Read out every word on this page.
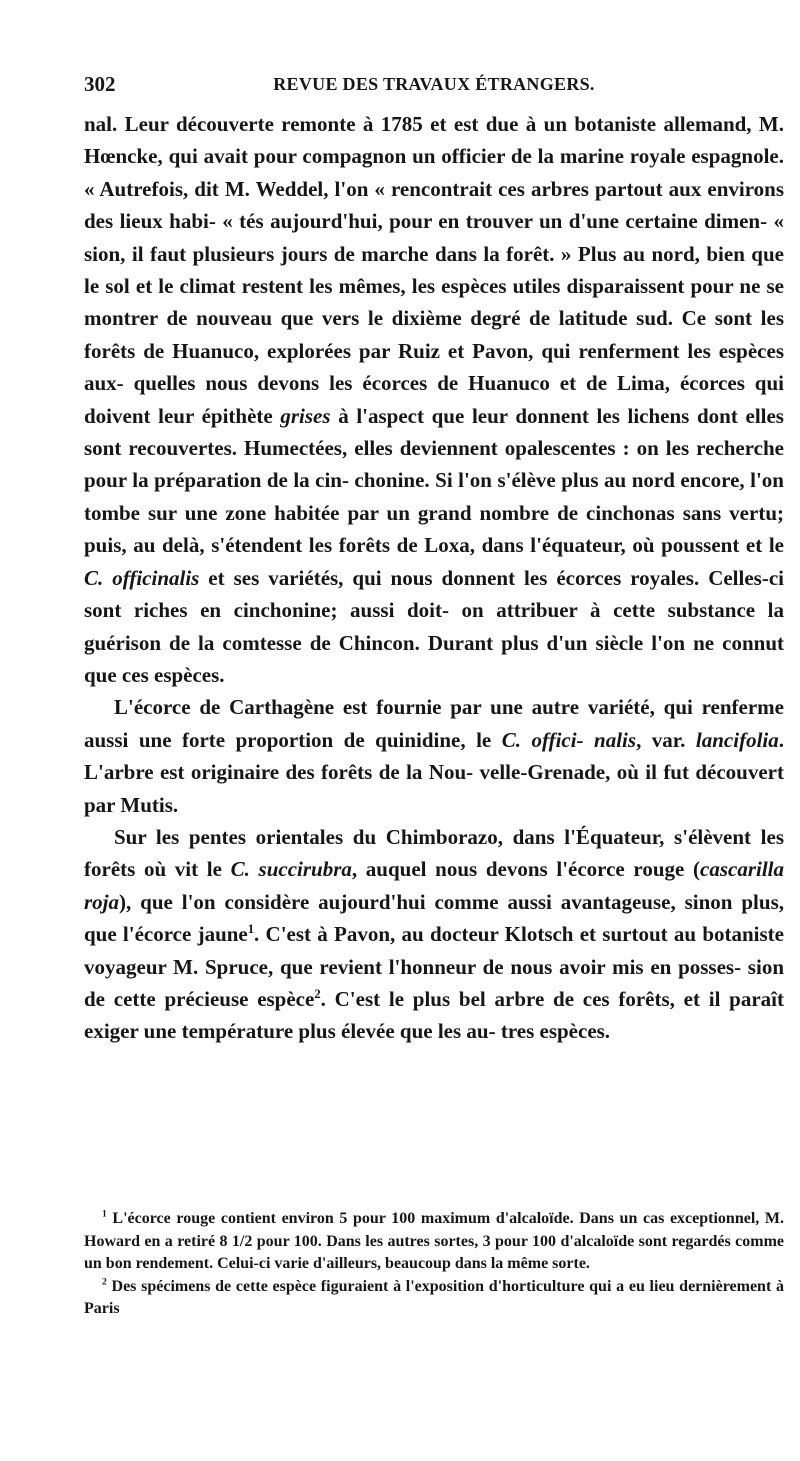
302	REVUE DES TRAVAUX ÉTRANGERS.

nal. Leur découverte remonte à 1785 et est due à un botaniste allemand, M. Hœncke, qui avait pour compagnon un officier de la marine royale espagnole. « Autrefois, dit M. Weddel, l'on « rencontrait ces arbres partout aux environs des lieux habi- « tés aujourd'hui, pour en trouver un d'une certaine dimen- « sion, il faut plusieurs jours de marche dans la forêt. » Plus au nord, bien que le sol et le climat restent les mêmes, les espèces utiles disparaissent pour ne se montrer de nouveau que vers le dixième degré de latitude sud. Ce sont les forêts de Huanuco, explorées par Ruiz et Pavon, qui renferment les espèces aux- quelles nous devons les écorces de Huanuco et de Lima, écorces qui doivent leur épithète grises à l'aspect que leur donnent les lichens dont elles sont recouvertes. Humectées, elles deviennent opalescentes : on les recherche pour la préparation de la cin- chonine. Si l'on s'élève plus au nord encore, l'on tombe sur une zone habitée par un grand nombre de cinchonas sans vertu; puis, au delà, s'étendent les forêts de Loxa, dans l'équateur, où poussent et le C. officinalis et ses variétés, qui nous donnent les écorces royales. Celles-ci sont riches en cinchonine; aussi doit- on attribuer à cette substance la guérison de la comtesse de Chincon. Durant plus d'un siècle l'on ne connut que ces espèces.

L'écorce de Carthagène est fournie par une autre variété, qui renferme aussi une forte proportion de quinidine, le C. offici- nalis, var. lancifolia. L'arbre est originaire des forêts de la Nou- velle-Grenade, où il fut découvert par Mutis.

Sur les pentes orientales du Chimborazo, dans l'Équateur, s'élèvent les forêts où vit le C. succirubra, auquel nous devons l'écorce rouge (cascarilla roja), que l'on considère aujourd'hui comme aussi avantageuse, sinon plus, que l'écorce jaune$^1$. C'est à Pavon, au docteur Klotsch et surtout au botaniste voyageur M. Spruce, que revient l'honneur de nous avoir mis en posses- sion de cette précieuse espèce$^2$. C'est le plus bel arbre de ces forêts, et il paraît exiger une température plus élevée que les au- tres espèces.

$^1$ L'écorce rouge contient environ 5 pour 100 maximum d'alcaloïde. Dans un cas exceptionnel, M. Howard en a retiré 8 1/2 pour 100. Dans les autres sortes, 3 pour 100 d'alcaloïde sont regardés comme un bon rendement. Celui-ci varie d'ailleurs, beaucoup dans la même sorte.

$^2$ Des spécimens de cette espèce figuraient à l'exposition d'horticulture qui a eu lieu dernièrement à Paris
